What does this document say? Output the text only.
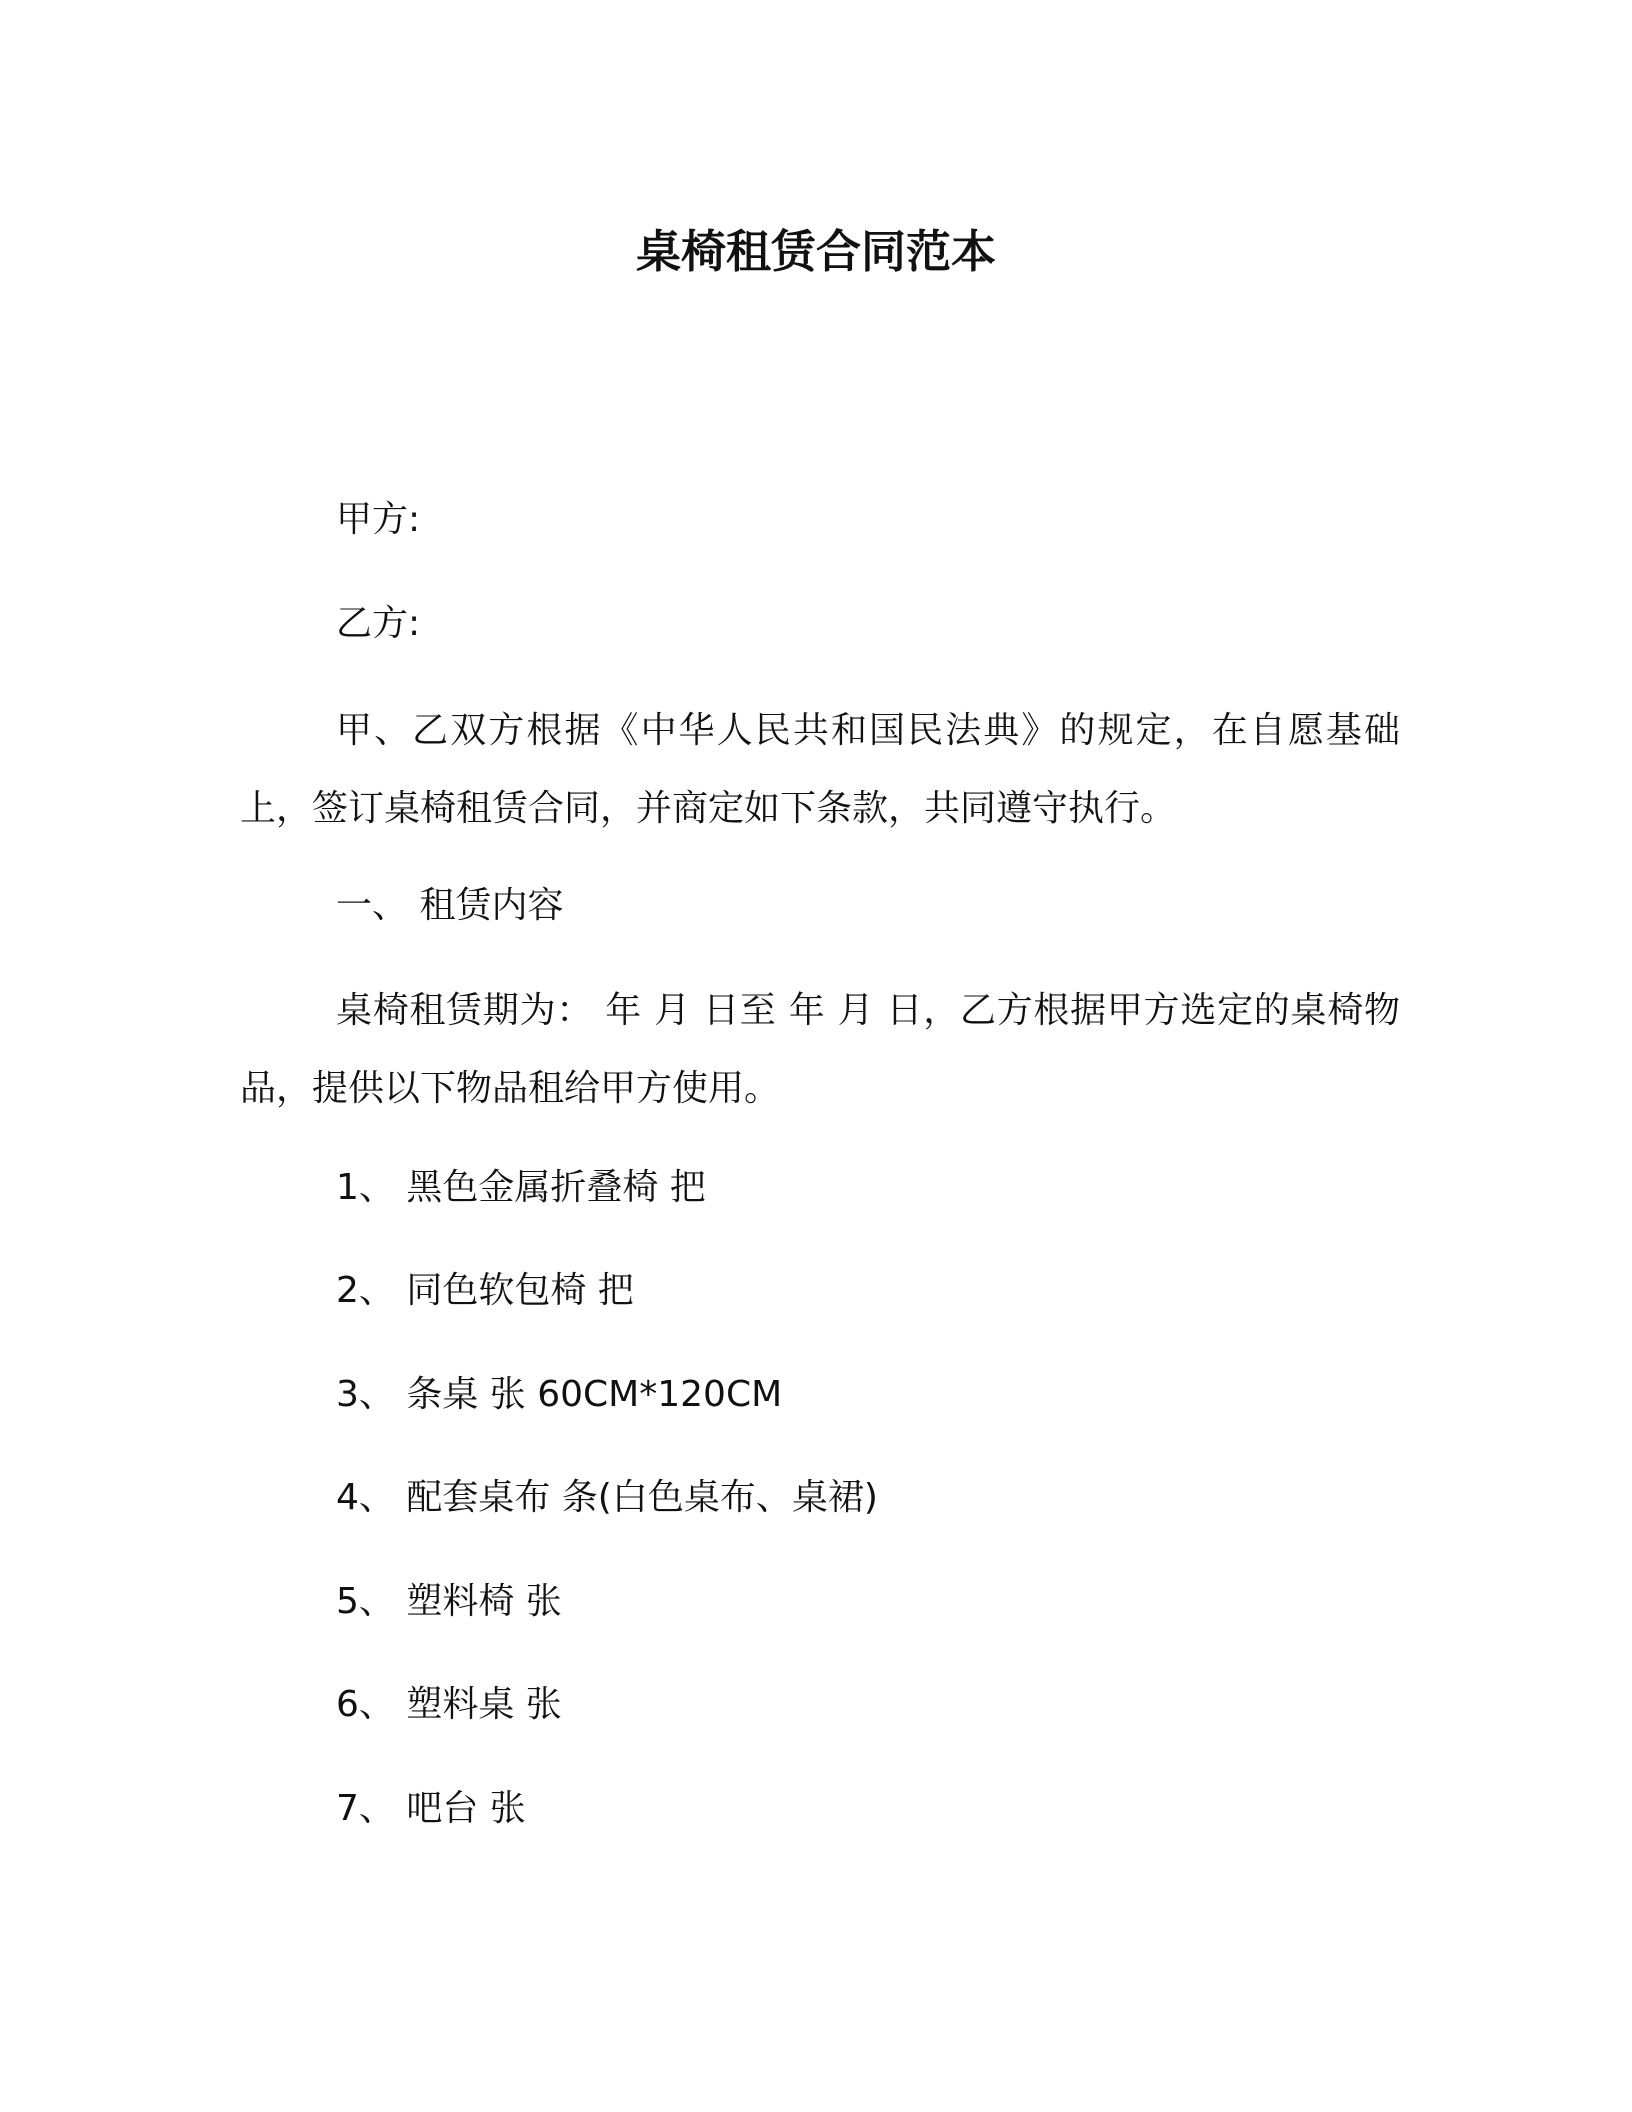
桌椅租赁合同范本
甲方:
乙方:
甲、乙双方根据《中华人民共和国民法典》的规定，在自愿基础上，签订桌椅租赁合同，并商定如下条款，共同遵守执行。
一、 租赁内容
桌椅租赁期为： 年 月 日至 年 月 日，乙方根据甲方选定的桌椅物品，提供以下物品租给甲方使用。
1、 黑色金属折叠椅 把
2、 同色软包椅 把
3、 条桌 张 60CM*120CM
4、 配套桌布 条(白色桌布、桌裙)
5、 塑料椅 张
6、 塑料桌 张
7、 吧台 张
